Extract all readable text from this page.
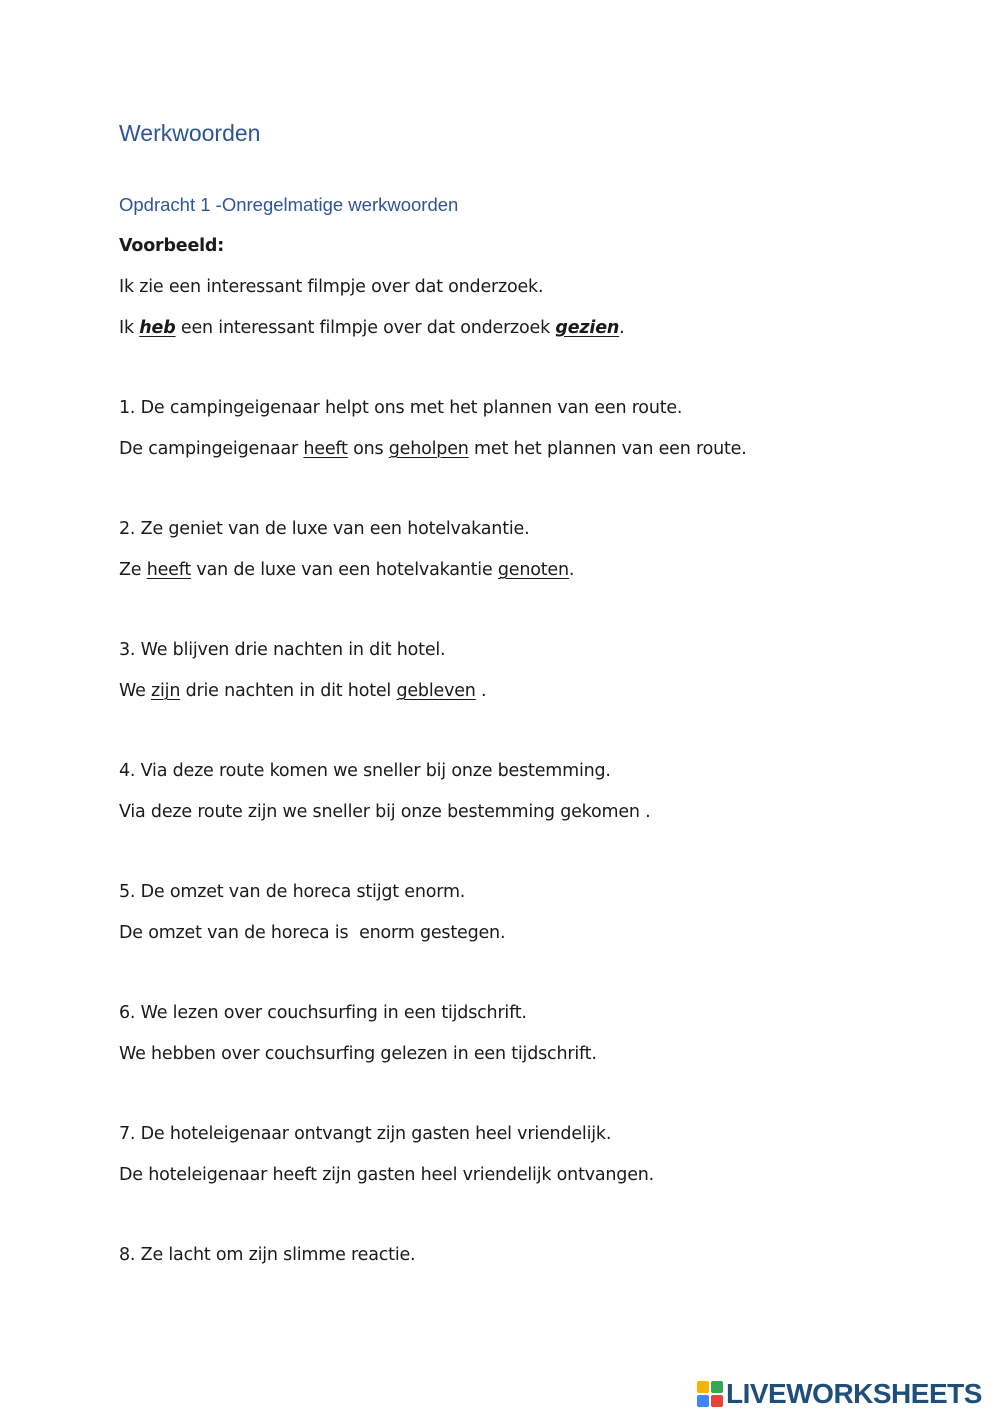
Werkwoorden
Opdracht 1 -Onregelmatige werkwoorden
Voorbeeld:
Ik zie een interessant filmpje over dat onderzoek.
Ik heb een interessant filmpje over dat onderzoek gezien.
1. De campingeigenaar helpt ons met het plannen van een route.
De campingeigenaar heeft ons geholpen met het plannen van een route.
2. Ze geniet van de luxe van een hotelvakantie.
Ze heeft van de luxe van een hotelvakantie genoten.
3. We blijven drie nachten in dit hotel.
We zijn drie nachten in dit hotel gebleven .
4. Via deze route komen we sneller bij onze bestemming.
Via deze route zijn we sneller bij onze bestemming gekomen .
5. De omzet van de horeca stijgt enorm.
De omzet van de horeca is  enorm gestegen.
6. We lezen over couchsurfing in een tijdschrift.
We hebben over couchsurfing gelezen in een tijdschrift.
7. De hoteleigenaar ontvangt zijn gasten heel vriendelijk.
De hoteleigenaar heeft zijn gasten heel vriendelijk ontvangen.
8. Ze lacht om zijn slimme reactie.
LIVEWORKSHEETS
